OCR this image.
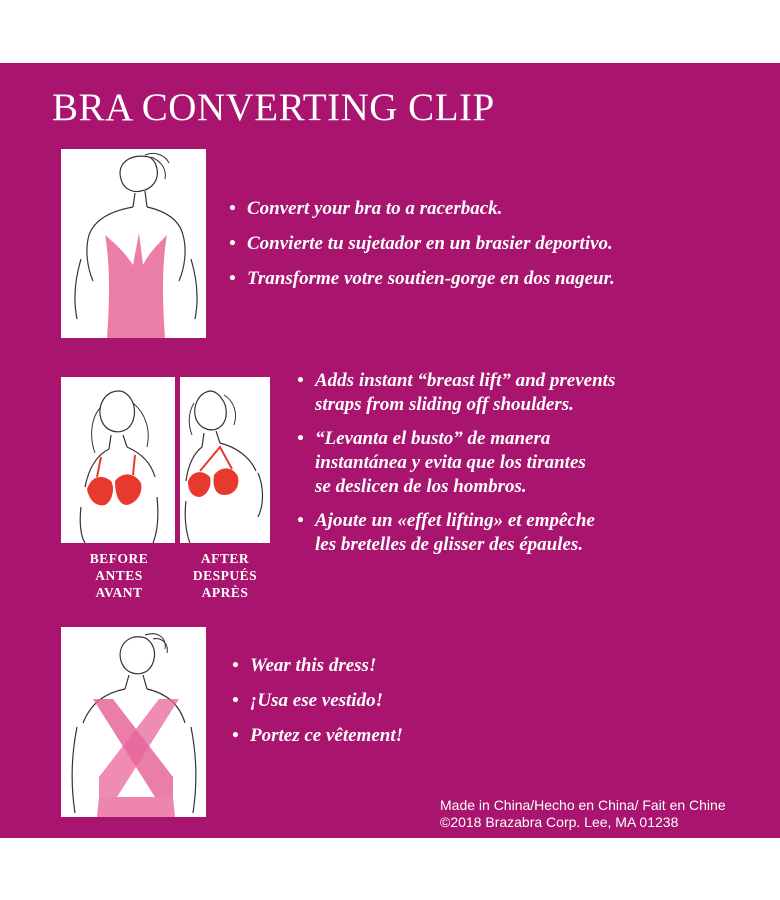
BRA CONVERTING CLIP
• Convert your bra to a racerback.
• Convierte tu sujetador en un brasier deportivo.
• Transforme votre soutien-gorge en dos nageur.

BEFORE
ANTES
AVANT

AFTER
DESPUÉS
APRÈS

• Adds instant “breast lift” and prevents
straps from sliding off shoulders.
• “Levanta el busto” de manera
instantánea y evita que los tirantes
se deslicen de los hombros.
• Ajoute un «effet lifting» et empêche
les bretelles de glisser des épaules.
• Wear this dress!
• ¡Usa ese vestido!
• Portez ce vêtement!
Made in China/Hecho en China/ Fait en Chine
©2018 Brazabra Corp. Lee, MA 01238
